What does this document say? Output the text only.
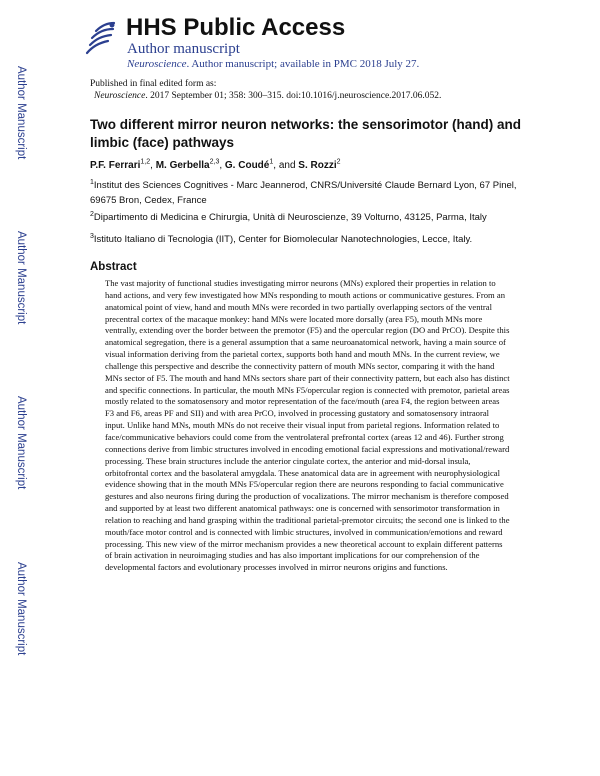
Author Manuscript
Author Manuscript
Author Manuscript
Author Manuscript
HHS Public Access
Author manuscript
Neuroscience. Author manuscript; available in PMC 2018 July 27.
Published in final edited form as:
Neuroscience. 2017 September 01; 358: 300–315. doi:10.1016/j.neuroscience.2017.06.052.
Two different mirror neuron networks: the sensorimotor (hand) and limbic (face) pathways
P.F. Ferrari$^{1,2}$, M. Gerbella$^{2,3}$, G. Coudé$^1$, and S. Rozzi$^2$
$^1$Institut des Sciences Cognitives - Marc Jeannerod, CNRS/Université Claude Bernard Lyon, 67 Pinel, 69675 Bron, Cedex, France
$^2$Dipartimento di Medicina e Chirurgia, Unità di Neuroscienze, 39 Volturno, 43125, Parma, Italy
$^3$Istituto Italiano di Tecnologia (IIT), Center for Biomolecular Nanotechnologies, Lecce, Italy.
Abstract
The vast majority of functional studies investigating mirror neurons (MNs) explored their properties in relation to hand actions, and very few investigated how MNs responding to mouth actions or communicative gestures. From an anatomical point of view, hand and mouth MNs were recorded in two partially overlapping sectors of the ventral precentral cortex of the macaque monkey: hand MNs were located more dorsally (area F5), mouth MNs more ventrally, extending over the border between the premotor (F5) and the opercular region (DO and PrCO). Despite this anatomical segregation, there is a general assumption that a same neuroanatomical network, having a main source of visual information deriving from the parietal cortex, supports both hand and mouth MNs. In the current review, we challenge this perspective and describe the connectivity pattern of mouth MNs sector, comparing it with the hand MNs sector of F5. The mouth and hand MNs sectors share part of their connectivity pattern, but each also has distinct and specific connections. In particular, the mouth MNs F5/opercular region is connected with premotor, parietal areas mostly related to the somatosensory and motor representation of the face/mouth (area F4, the region between areas F3 and F6, areas PF and SII) and with area PrCO, involved in processing gustatory and somatosensory intraoral input. Unlike hand MNs, mouth MNs do not receive their visual input from parietal regions. Information related to face/communicative behaviors could come from the ventrolateral prefrontal cortex (areas 12 and 46). Further strong connections derive from limbic structures involved in encoding emotional facial expressions and motivational/reward processing. These brain structures include the anterior cingulate cortex, the anterior and mid-dorsal insula, orbitofrontal cortex and the basolateral amygdala. These anatomical data are in agreement with neurophysiological evidence showing that in the mouth MNs F5/opercular region there are neurons responding to facial communicative gestures and also neurons firing during the production of vocalizations. The mirror mechanism is therefore composed and supported by at least two different anatomical pathways: one is concerned with sensorimotor transformation in relation to reaching and hand grasping within the traditional parietal-premotor circuits; the second one is linked to the mouth/face motor control and is connected with limbic structures, involved in communication/emotions and reward processing. This new view of the mirror mechanism provides a new theoretical account to explain different patterns of brain activation in neuroimaging studies and has also important implications for our comprehension of the developmental factors and evolutionary processes involved in mirror neurons origins and functions.
